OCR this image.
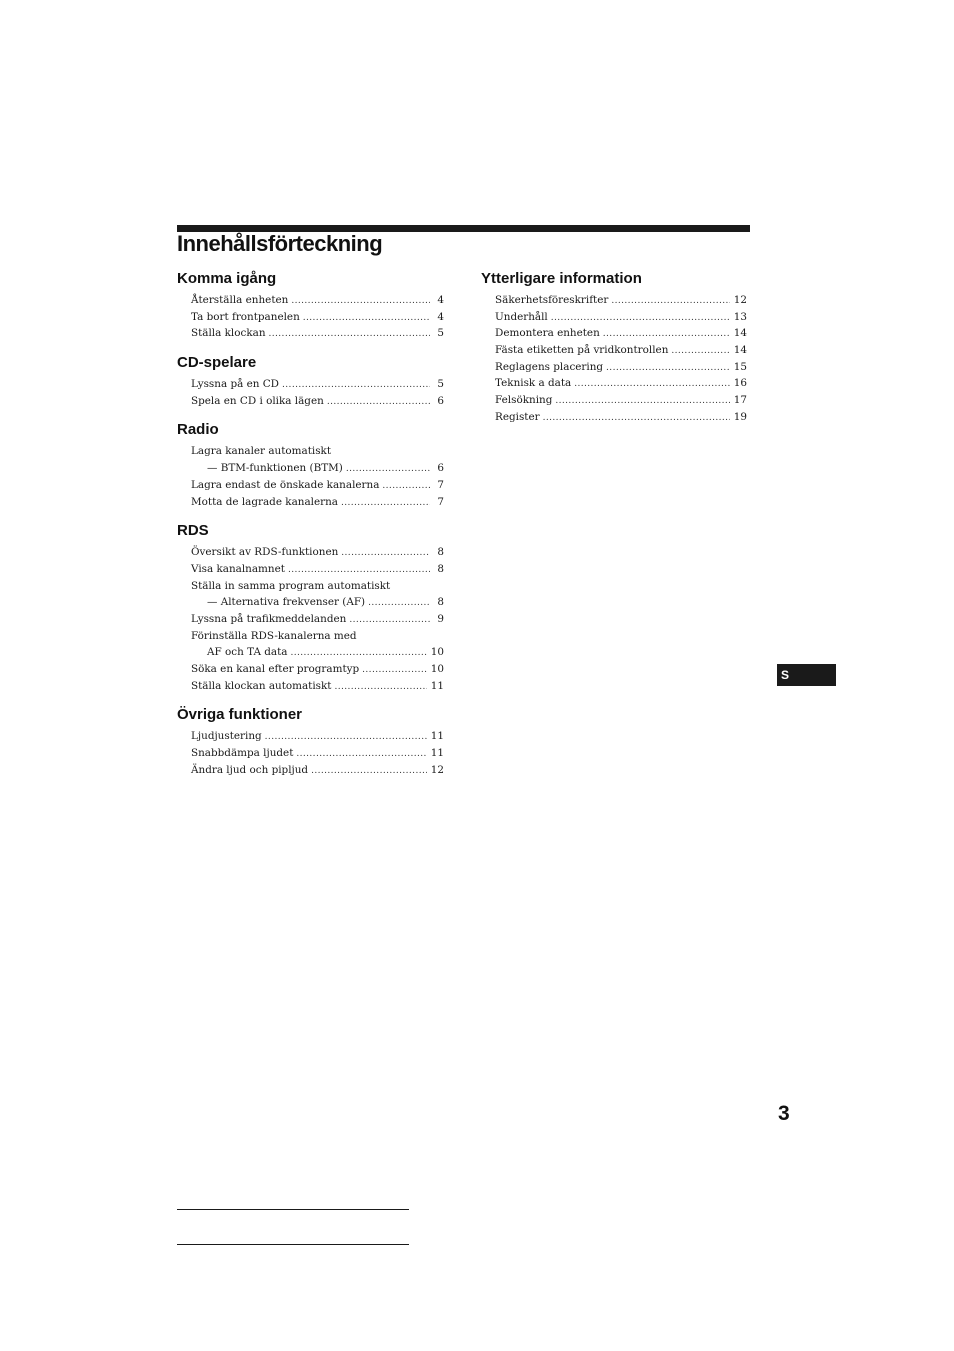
Innehållsförteckning
Komma igång
Återställa enheten .....	4
Ta bort frontpanelen .....	4
Ställa klockan .....	5
CD-spelare
Lyssna på en CD .....	5
Spela en CD i olika lägen .....	6
Radio
Lagra kanaler automatiskt
— BTM-funktionen (BTM) .....	6
Lagra endast de önskade kanalerna .....	7
Motta de lagrade kanalerna .....	7
RDS
Översikt av RDS-funktionen .....	8
Visa kanalnamnet .....	8
Ställa in samma program automatiskt
— Alternativa frekvenser (AF) .....	8
Lyssna på trafikmeddelanden .....	9
Förinställa RDS-kanalerna med
AF och TA data .....	10
Söka en kanal efter programtyp .....	10
Ställa klockan automatiskt .....	11
Övriga funktioner
Ljudjustering .....	11
Snabbdämpa ljudet .....	11
Ändra ljud och pipljud .....	12
Ytterligare information
Säkerhetsföreskrifter .....	12
Underhåll .....	13
Demontera enheten .....	14
Fästa etiketten på vridkontrollen .....	14
Reglagens placering .....	15
Teknisk a data .....	16
Felsökning .....	17
Register .....	19
S
3
